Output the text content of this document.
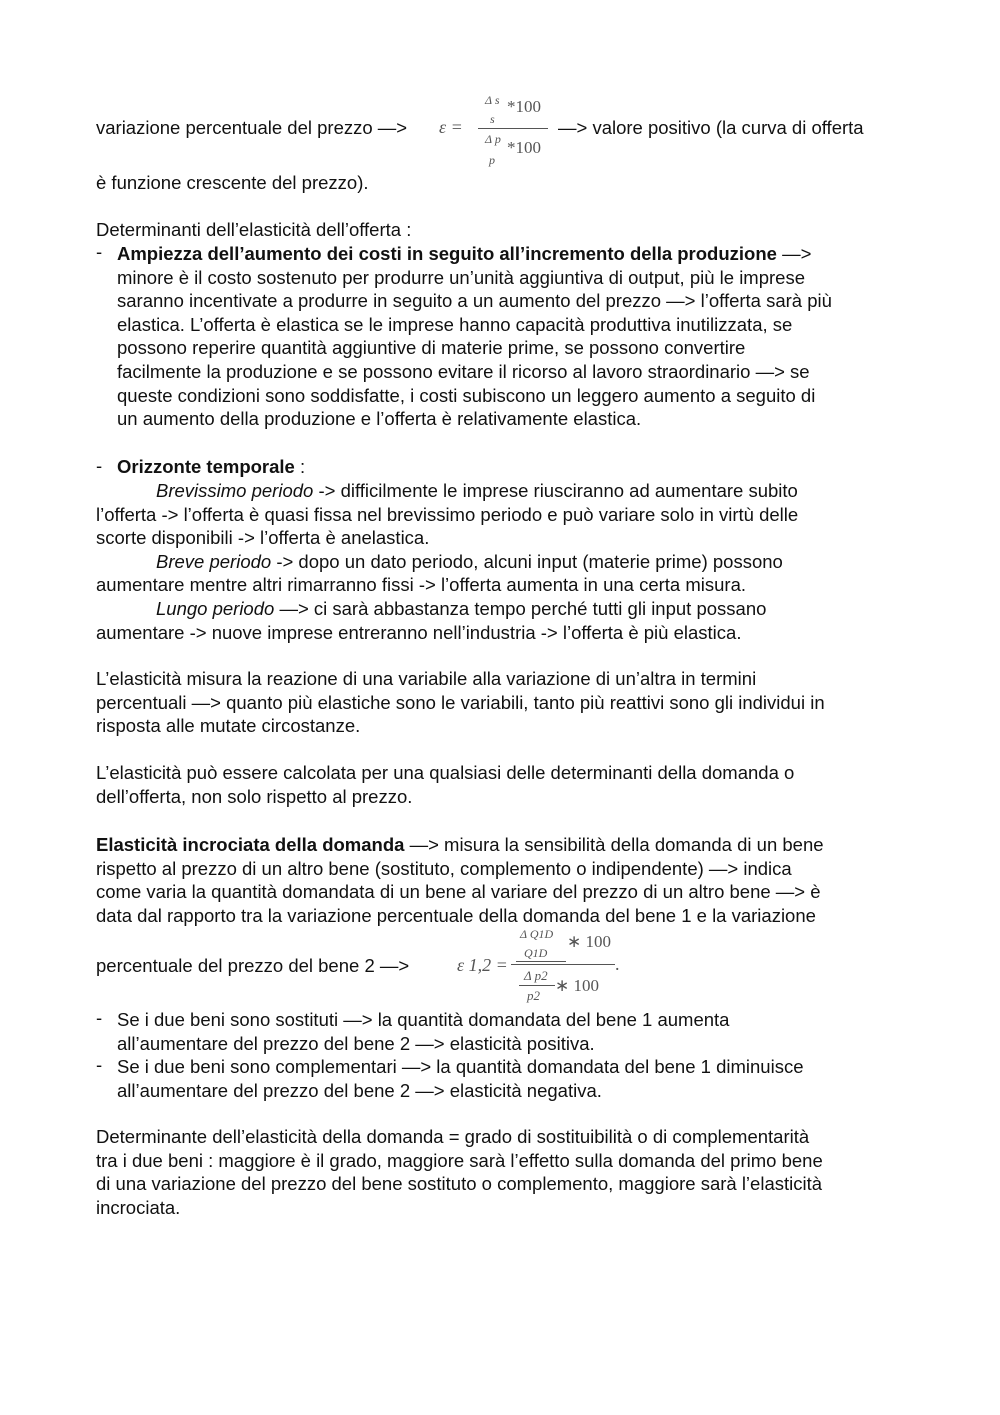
variazione percentuale del prezzo —>	ε =
Δ s *100
s
Δ p *100
p
—> valore positivo (la curva di offerta
è funzione crescente del prezzo).
Determinanti dell’elasticità dell’offerta :
- Ampiezza dell’aumento dei costi in seguito all’incremento della produzione —>
minore è il costo sostenuto per produrre un’unità aggiuntiva di output, più le imprese
saranno incentivate a produrre in seguito a un aumento del prezzo —> l’offerta sarà più
elastica. L’offerta è elastica se le imprese hanno capacità produttiva inutilizzata, se
possono reperire quantità aggiuntive di materie prime, se possono convertire
facilmente la produzione e se possono evitare il ricorso al lavoro straordinario —> se
queste condizioni sono soddisfatte, i costi subiscono un leggero aumento a seguito di
un aumento della produzione e l’offerta è relativamente elastica.
- Orizzonte temporale :
Brevissimo periodo -> difficilmente le imprese riusciranno ad aumentare subito
l’offerta -> l’offerta è quasi fissa nel brevissimo periodo e può variare solo in virtù delle
scorte disponibili -> l’offerta è anelastica.
Breve periodo -> dopo un dato periodo, alcuni input (materie prime) possono
aumentare mentre altri rimarranno fissi -> l’offerta aumenta in una certa misura.
Lungo periodo —> ci sarà abbastanza tempo perché tutti gli input possano
aumentare -> nuove imprese entreranno nell’industria -> l’offerta è più elastica.
L’elasticità misura la reazione di una variabile alla variazione di un’altra in termini
percentuali —> quanto più elastiche sono le variabili, tanto più reattivi sono gli individui in
risposta alle mutate circostanze.
L’elasticità può essere calcolata per una qualsiasi delle determinanti della domanda o
dell’offerta, non solo rispetto al prezzo.
Elasticità incrociata della domanda —> misura la sensibilità della domanda di un bene
rispetto al prezzo di un altro bene (sostituto, complemento o indipendente) —> indica
come varia la quantità domandata di un bene al variare del prezzo di un altro bene —> è
data dal rapporto tra la variazione percentuale della domanda del bene 1 e la variazione
percentuale del prezzo del bene 2 —>	ε 1,2 =
Δ Q1D
Q1D
∗ 100
Δ p2
p2
∗ 100
.
- Se i due beni sono sostituti —> la quantità domandata del bene 1 aumenta
all’aumentare del prezzo del bene 2 —> elasticità positiva.
- Se i due beni sono complementari —> la quantità domandata del bene 1 diminuisce
all’aumentare del prezzo del bene 2 —> elasticità negativa.
Determinante dell’elasticità della domanda = grado di sostituibilità o di complementarità
tra i due beni : maggiore è il grado, maggiore sarà l’effetto sulla domanda del primo bene
di una variazione del prezzo del bene sostituto o complemento, maggiore sarà l’elasticità
incrociata.
